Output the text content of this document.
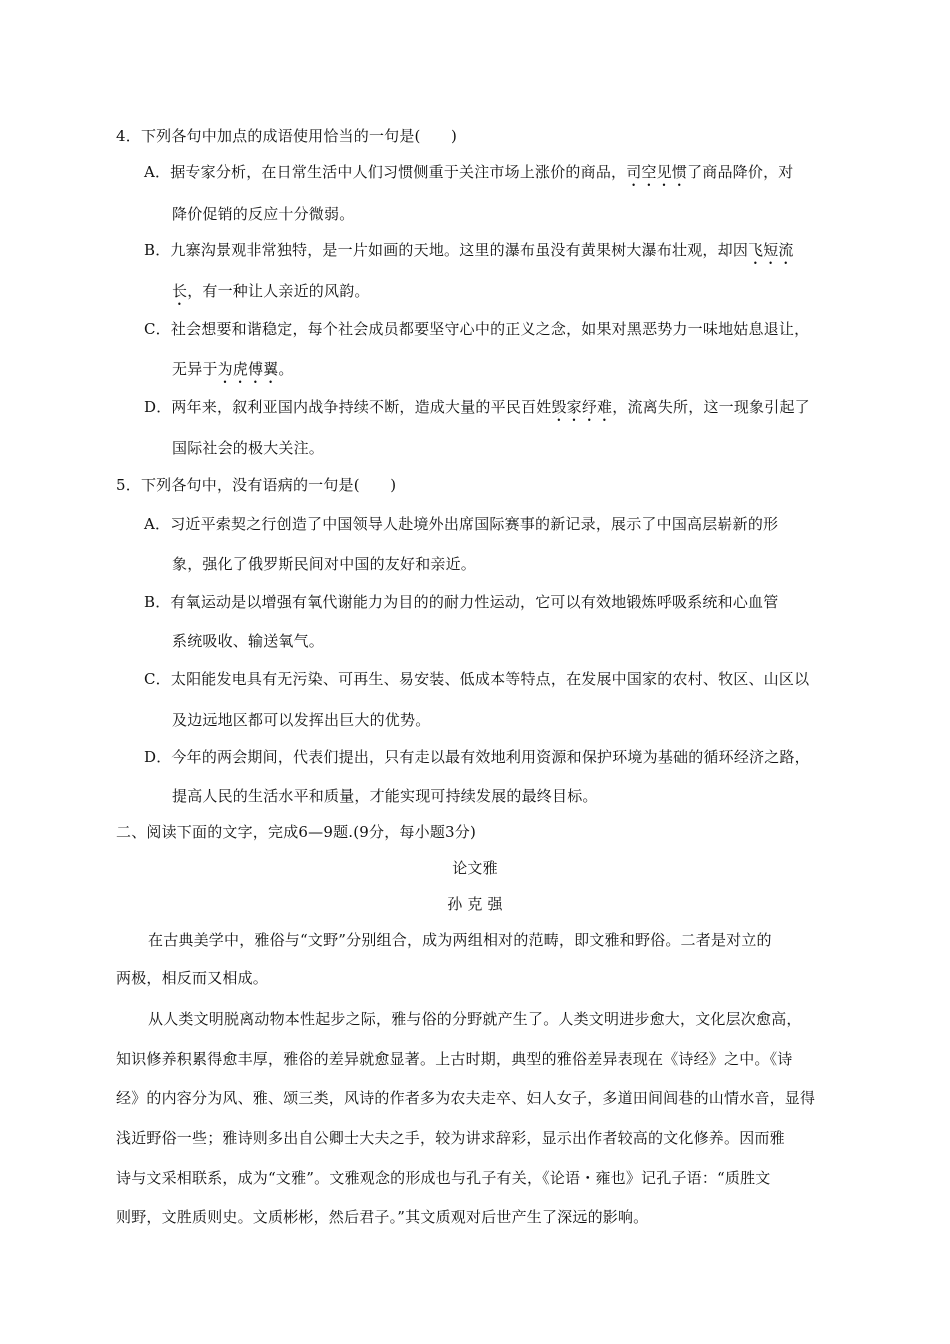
4．下列各句中加点的成语使用恰当的一句是(　　)
A．据专家分析，在日常生活中人们习惯侧重于关注市场上涨价的商品，司空见惯了商品降价，对
降价促销的反应十分微弱。
B．九寨沟景观非常独特，是一片如画的天地。这里的瀑布虽没有黄果树大瀑布壮观，却因飞短流
长，有一种让人亲近的风韵。
C．社会想要和谐稳定，每个社会成员都要坚守心中的正义之念，如果对黑恶势力一味地姑息退让，
无异于为虎傅翼。
D．两年来，叙利亚国内战争持续不断，造成大量的平民百姓毁家纾难，流离失所，这一现象引起了
国际社会的极大关注。
5．下列各句中，没有语病的一句是(　　)
A．习近平索契之行创造了中国领导人赴境外出席国际赛事的新记录，展示了中国高层崭新的形
象，强化了俄罗斯民间对中国的友好和亲近。
B．有氧运动是以增强有氧代谢能力为目的的耐力性运动，它可以有效地锻炼呼吸系统和心血管
系统吸收、输送氧气。
C．太阳能发电具有无污染、可再生、易安装、低成本等特点，在发展中国家的农村、牧区、山区以
及边远地区都可以发挥出巨大的优势。
D．今年的两会期间，代表们提出，只有走以最有效地利用资源和保护环境为基础的循环经济之路，
提高人民的生活水平和质量，才能实现可持续发展的最终目标。
二、阅读下面的文字，完成6—9题.(9分，每小题3分)
论文雅
孙 克 强
在古典美学中，雅俗与“文野”分别组合，成为两组相对的范畴，即文雅和野俗。二者是对立的
两极，相反而又相成。
从人类文明脱离动物本性起步之际，雅与俗的分野就产生了。人类文明进步愈大，文化层次愈高，
知识修养积累得愈丰厚，雅俗的差异就愈显著。上古时期，典型的雅俗差异表现在《诗经》之中。《诗
经》的内容分为风、雅、颂三类，风诗的作者多为农夫走卒、妇人女子，多道田间闾巷的山情水音，显得
浅近野俗一些；雅诗则多出自公卿士大夫之手，较为讲求辞彩，显示出作者较高的文化修养。因而雅
诗与文采相联系，成为“文雅”。文雅观念的形成也与孔子有关，《论语・雍也》记孔子语：“质胜文
则野，文胜质则史。文质彬彬，然后君子。”其文质观对后世产生了深远的影响。
